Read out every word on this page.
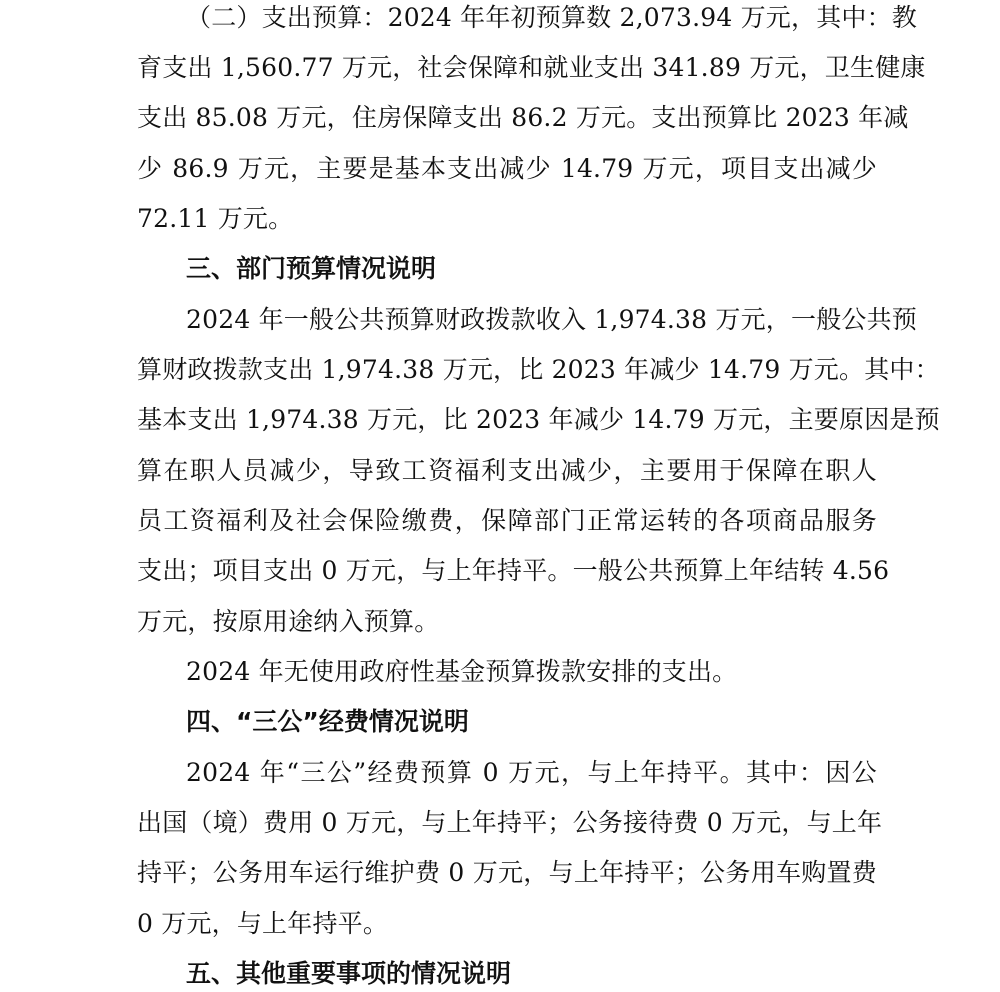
（二）支出预算：2024 年年初预算数 2,073.94 万元，其中：教
育支出 1,560.77 万元，社会保障和就业支出 341.89 万元，卫生健康
支出 85.08 万元，住房保障支出 86.2 万元。支出预算比 2023 年减
少 86.9 万元，主要是基本支出减少 14.79 万元，项目支出减少
72.11 万元。
三、部门预算情况说明
2024 年一般公共预算财政拨款收入 1,974.38 万元，一般公共预
算财政拨款支出 1,974.38 万元，比 2023 年减少 14.79 万元。其中：
基本支出 1,974.38 万元，比 2023 年减少 14.79 万元，主要原因是预
算在职人员减少，导致工资福利支出减少，主要用于保障在职人
员工资福利及社会保险缴费，保障部门正常运转的各项商品服务
支出；项目支出 0 万元，与上年持平。一般公共预算上年结转 4.56
万元，按原用途纳入预算。
2024 年无使用政府性基金预算拨款安排的支出。
四、“三公”经费情况说明
2024 年“三公”经费预算 0 万元，与上年持平。其中：因公
出国（境）费用 0 万元，与上年持平；公务接待费 0 万元，与上年
持平；公务用车运行维护费 0 万元，与上年持平；公务用车购置费
0 万元，与上年持平。
五、其他重要事项的情况说明
